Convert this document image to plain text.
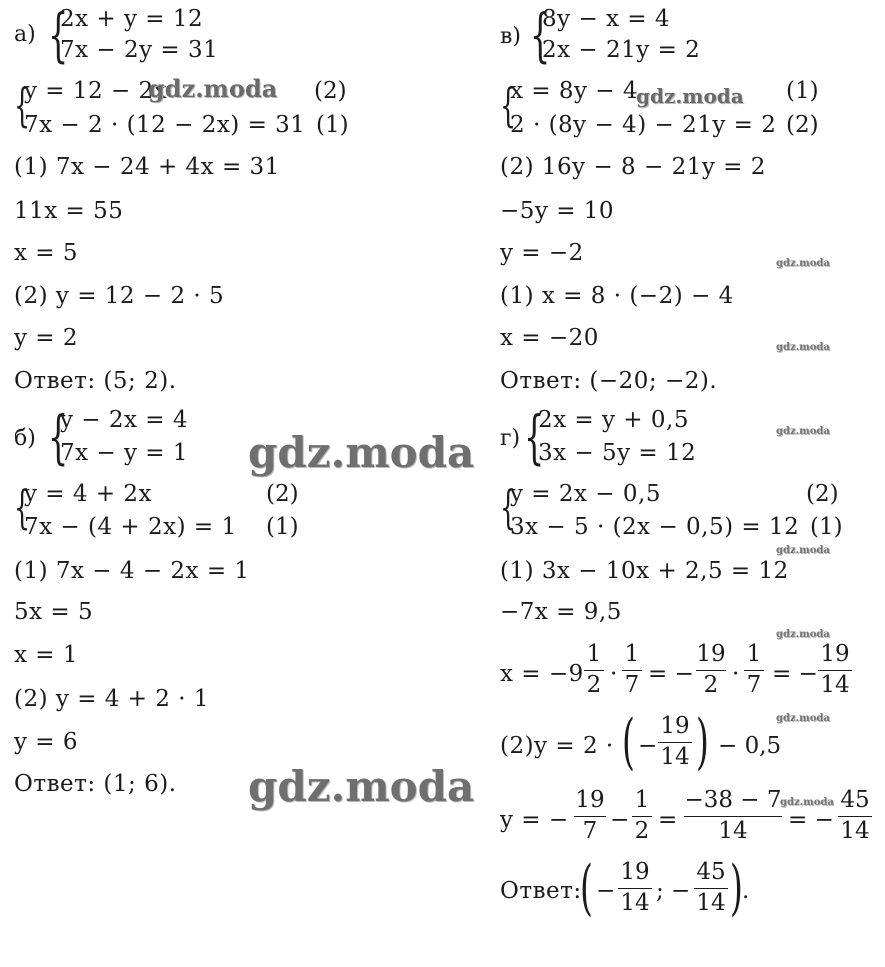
а) {
2x + y = 12
7x − 2y = 31
{
y = 12 − 2x	(2)
7x − 2 · (12 − 2x) = 31 (1)
(1) 7x − 24 + 4x = 31
11x = 55
x = 5
(2) y = 12 − 2 · 5
y = 2
Ответ: (5; 2).
б) {
y − 2x = 4
7x − y = 1
{
y = 4 + 2x	(2)
7x − (4 + 2x) = 1 (1)
(1) 7x − 4 − 2x = 1
5x = 5
x = 1
(2) y = 4 + 2 · 1
y = 6
Ответ: (1; 6).
в) {
8y − x = 4
2x − 21y = 2
{
x = 8y − 4	(1)
2 · (8y − 4) − 21y = 2 (2)
(2) 16y − 8 − 21y = 2
−5y = 10
y = −2
(1) x = 8 · (−2) − 4
x = −20
Ответ: (−20; −2).
г) {
2x = y + 0,5
3x − 5y = 12
{
y = 2x − 0,5	(2)
3x − 5 · (2x − 0,5) = 12 (1)
(1) 3x − 10x + 2,5 = 12
−7x = 9,5
x = −9
1
2 ·
1
7 = −
19
2 ·
1
7 = −
19
14
(2)y = 2 · ( −
19
14 ) − 0,5
y = −
19
7 −
1
2 =
−38 − 7
14	= −
45
14
Ответ:
( −
19
14 ; −
45
14 ) .
gdz.moda	gdz.moda
gdz.moda
gdz.moda
gdz.moda
gdz.moda
gdz.moda
gdz.moda
gdz.moda
gdz.moda
gdz.moda
